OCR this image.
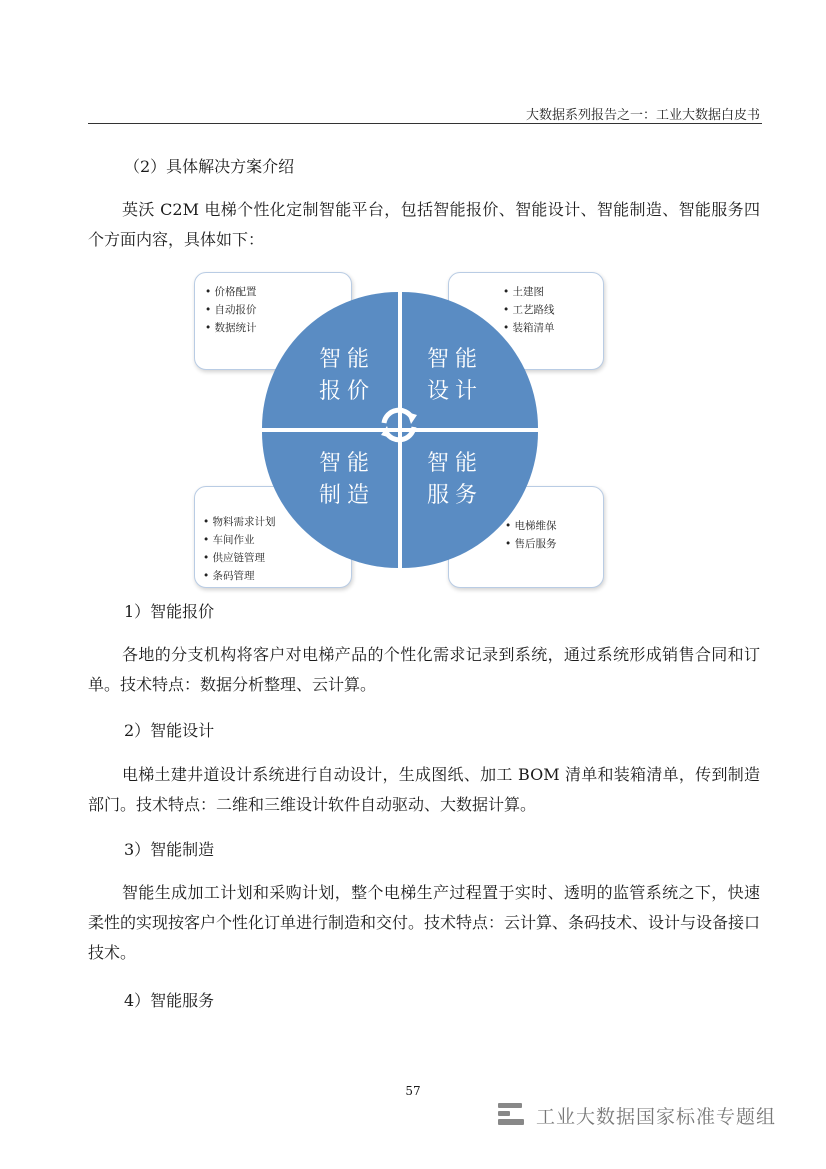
大数据系列报告之一：工业大数据白皮书
（2）具体解决方案介绍

英沃 C2M 电梯个性化定制智能平台，包括智能报价、智能设计、智能制造、智能服务四个方面内容，具体如下：

• 价格配置
• 自动报价
• 数据统计
• 土建图
• 工艺路线
• 装箱清单
• 物料需求计划
• 车间作业
• 供应链管理
• 条码管理
• 电梯维保
• 售后服务
智能
报价
智能
设计
智能
制造
智能
服务
1）智能报价

各地的分支机构将客户对电梯产品的个性化需求记录到系统，通过系统形成销售合同和订单。技术特点：数据分析整理、云计算。

2）智能设计

电梯土建井道设计系统进行自动设计，生成图纸、加工 BOM 清单和装箱清单，传到制造部门。技术特点：二维和三维设计软件自动驱动、大数据计算。

3）智能制造

智能生成加工计划和采购计划，整个电梯生产过程置于实时、透明的监管系统之下，快速柔性的实现按客户个性化订单进行制造和交付。技术特点：云计算、条码技术、设计与设备接口技术。

4）智能服务
57
工业大数据国家标准专题组
